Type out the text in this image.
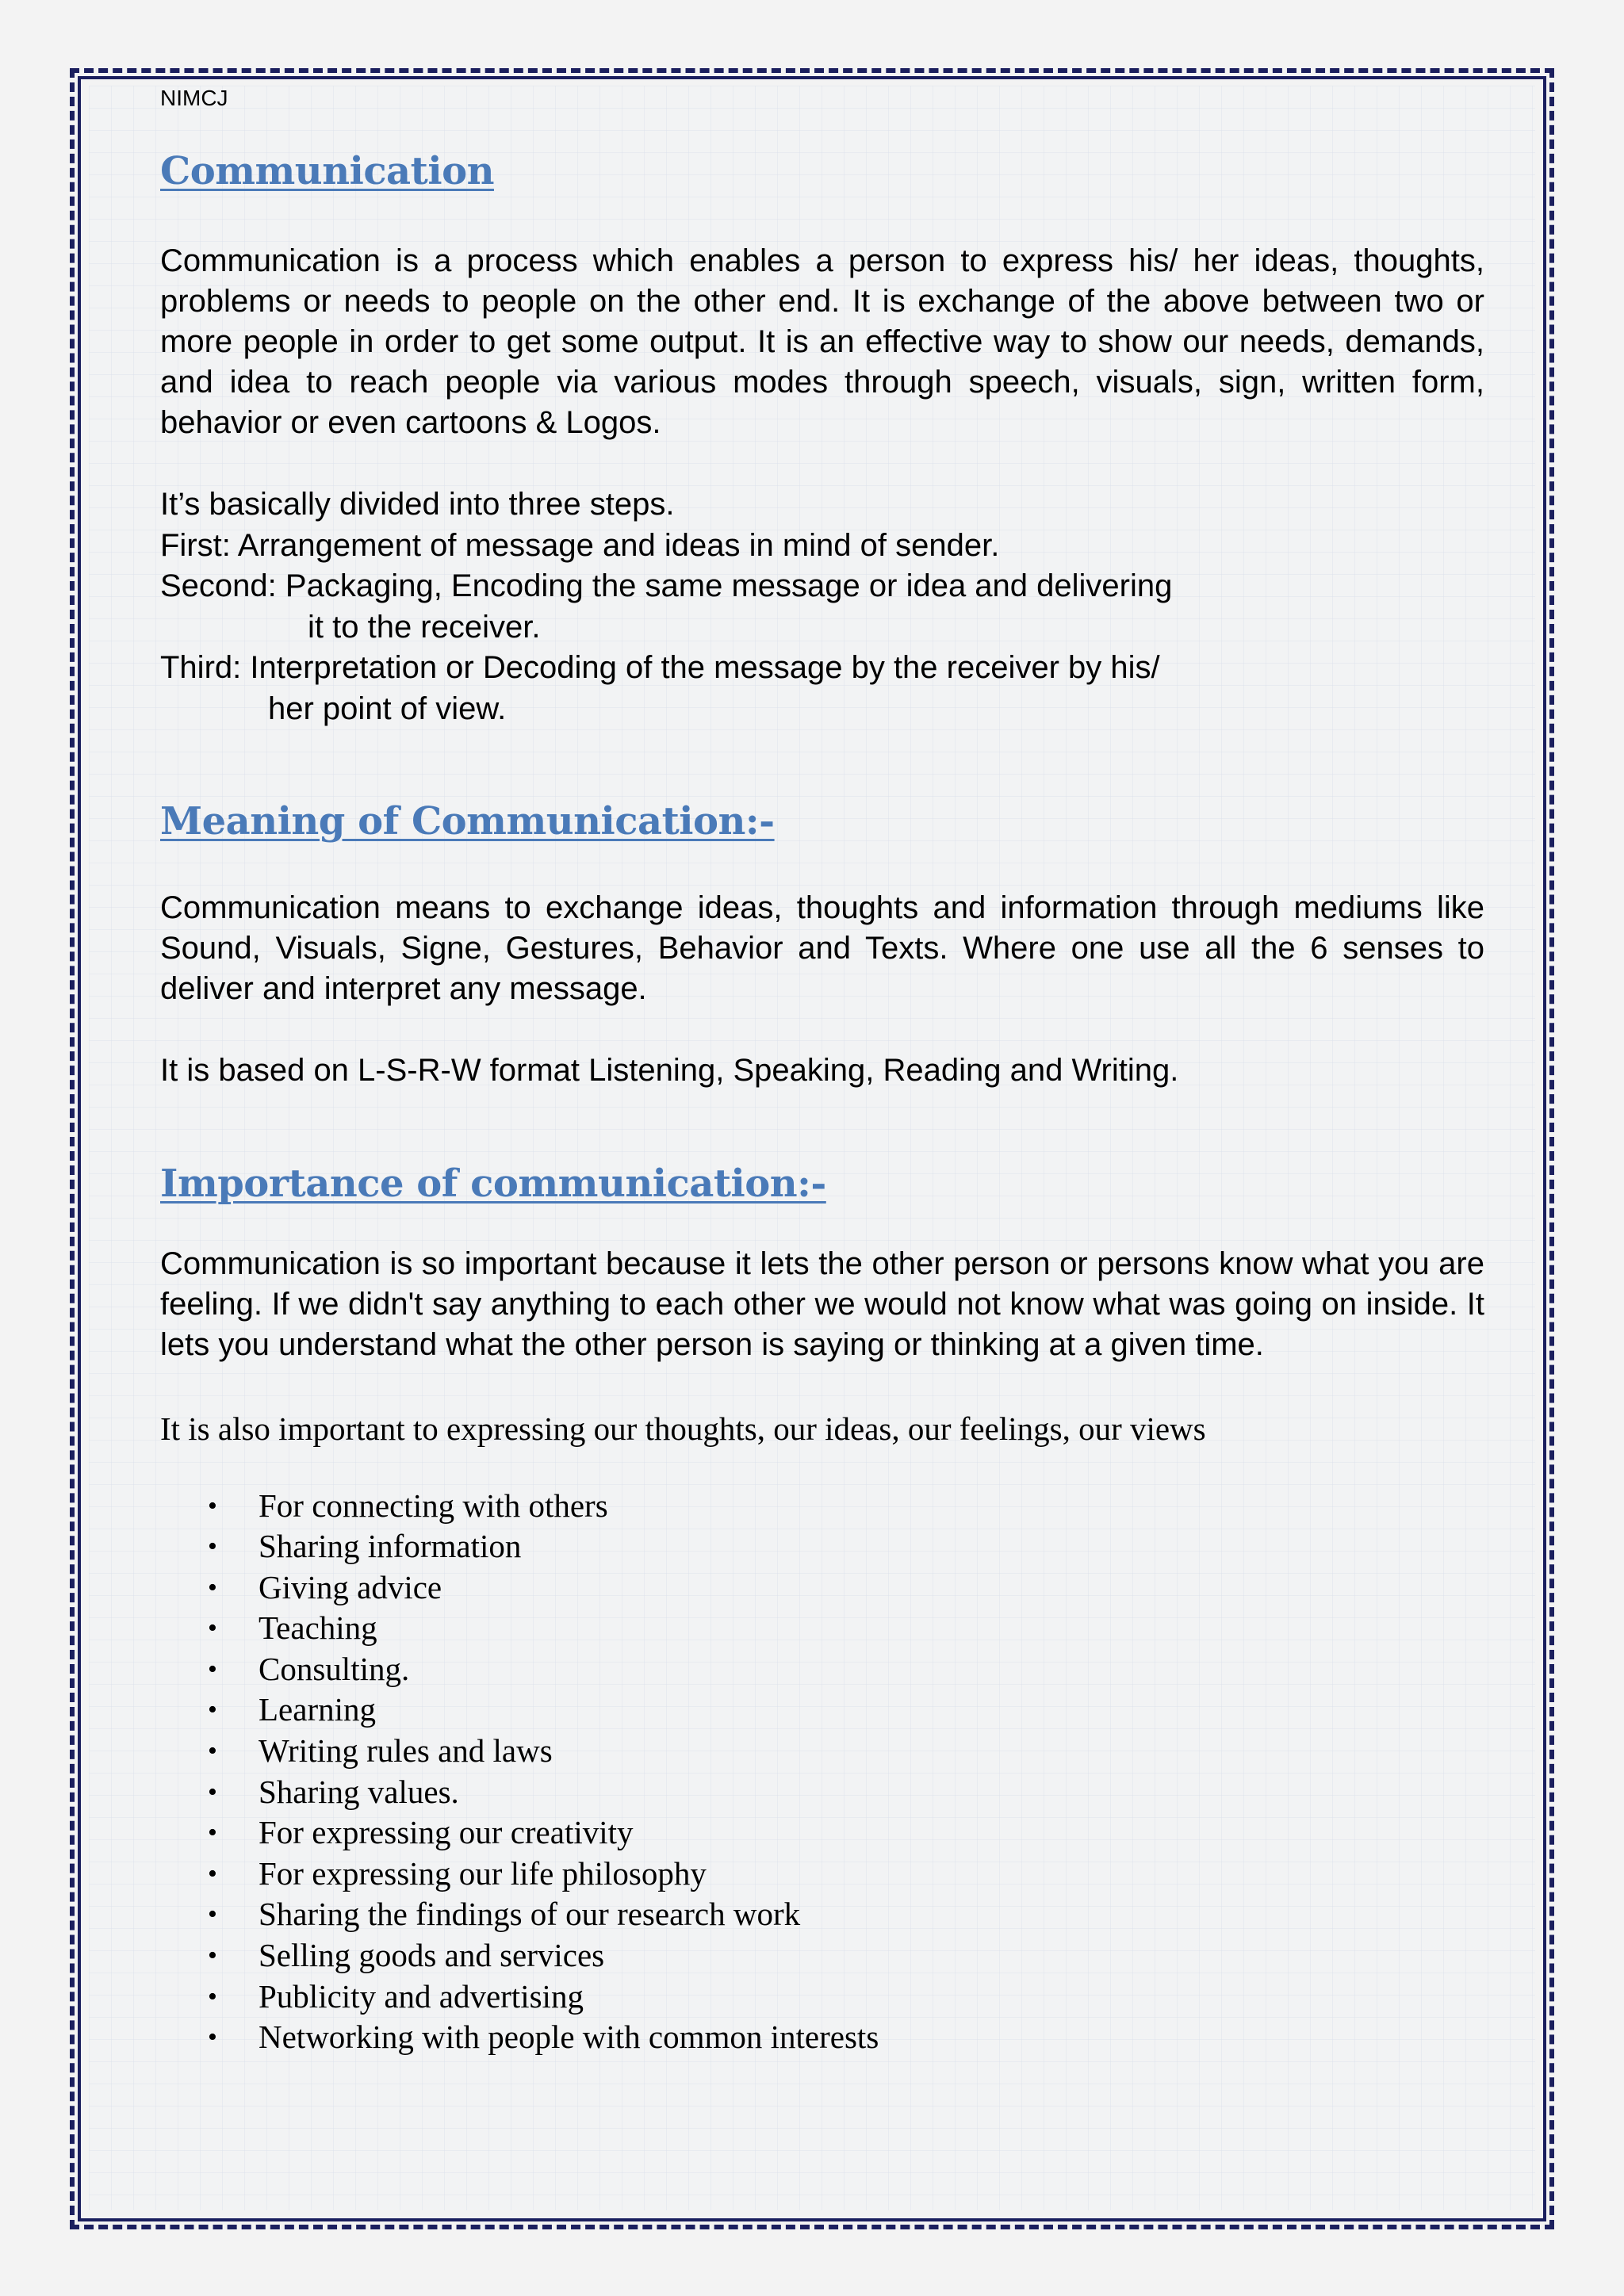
NIMCJ
Communication

Communication is a process which enables a person to express his/ her ideas, thoughts, problems or needs to people on the other end. It is exchange of the above between two or more people in order to get some output. It is an effective way to show our needs, demands, and idea to reach people via various modes through speech, visuals, sign, written form, behavior or even cartoons & Logos.

It’s basically divided into three steps.

First: Arrangement of message and ideas in mind of sender.

Second: Packaging, Encoding the same message or idea and delivering

it to the receiver.

Third: Interpretation or Decoding of the message by the receiver by his/

her point of view.

Meaning of Communication:-

Communication means to exchange ideas, thoughts and information through mediums like Sound, Visuals, Signe, Gestures, Behavior and Texts. Where one use all the 6 senses to deliver and interpret any message.

It is based on L-S-R-W format Listening, Speaking, Reading and Writing.

Importance of communication:-

Communication is so important because it lets the other person or persons know what you are feeling. If we didn't say anything to each other we would not know what was going on inside. It lets you understand what the other person is saying or thinking at a given time.

It is also important to expressing our thoughts, our ideas, our feelings, our views

• For connecting with others
• Sharing information
• Giving advice
• Teaching
• Consulting.
• Learning
• Writing rules and laws
• Sharing values.
• For expressing our creativity
• For expressing our life philosophy
• Sharing the findings of our research work
• Selling goods and services
• Publicity and advertising
• Networking with people with common interests
